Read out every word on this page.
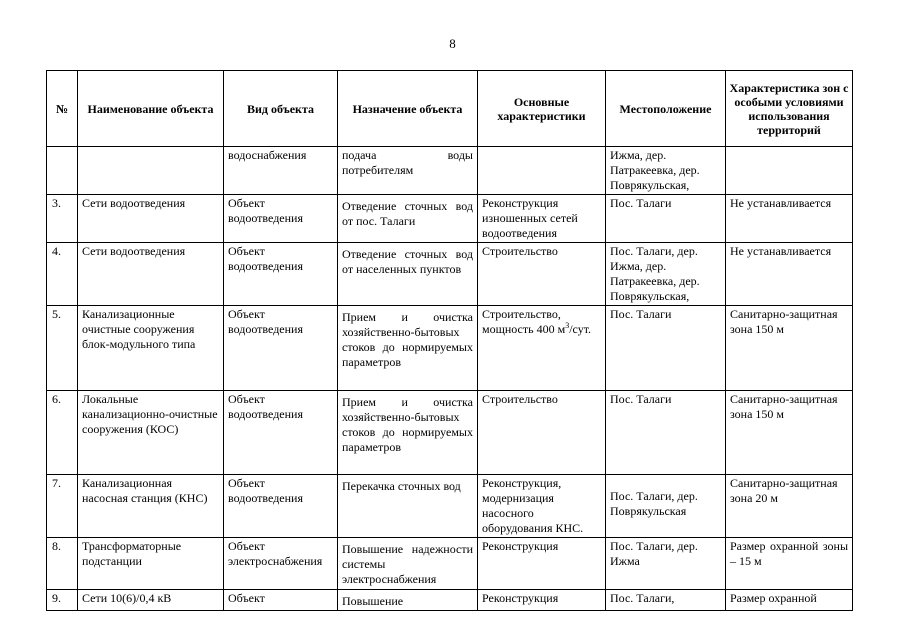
8
№	Наименование объекта	Вид объекта	Назначение объекта	Основные характеристики	Местоположение	Характеристика зон с особыми условиями использования территорий
		водоснабжения	подача воды потребителям		Ижма, дер. Патракеевка, дер. Поврякульская,	
3.	Сети водоотведения	Объект водоотведения	Отведение сточных вод от пос. Талаги	Реконструкция изношенных сетей водоотведения	Пос. Талаги	Не устанавливается
4.	Сети водоотведения	Объект водоотведения	Отведение сточных вод от населенных пунктов	Строительство	Пос. Талаги, дер. Ижма, дер. Патракеевка, дер. Поврякульская,	Не устанавливается
5.	Канализационные очистные сооружения блок-модульного типа	Объект водоотведения	Прием и очистка хозяйственно-бытовых стоков до нормируемых параметров	Строительство, мощность 400 $м^3$/сут.	Пос. Талаги	Санитарно-защитная зона 150 м
6.	Локальные канализационно-очистные сооружения (КОС)	Объект водоотведения	Прием и очистка хозяйственно-бытовых стоков до нормируемых параметров	Строительство	Пос. Талаги	Санитарно-защитная зона 150 м
7.	Канализационная насосная станция (КНС)	Объект водоотведения	Перекачка сточных вод	Реконструкция, модернизация насосного оборудования КНС.	Пос. Талаги, дер. Поврякульская	Санитарно-защитная зона 20 м
8.	Трансформаторные подстанции	Объект электроснабжения	Повышение надежности системы электроснабжения	Реконструкция	Пос. Талаги, дер. Ижма	Размер охранной зоны – 15 м
9.	Сети 10(6)/0,4 кВ	Объект	Повышение	Реконструкция	Пос. Талаги,	Размер охранной
